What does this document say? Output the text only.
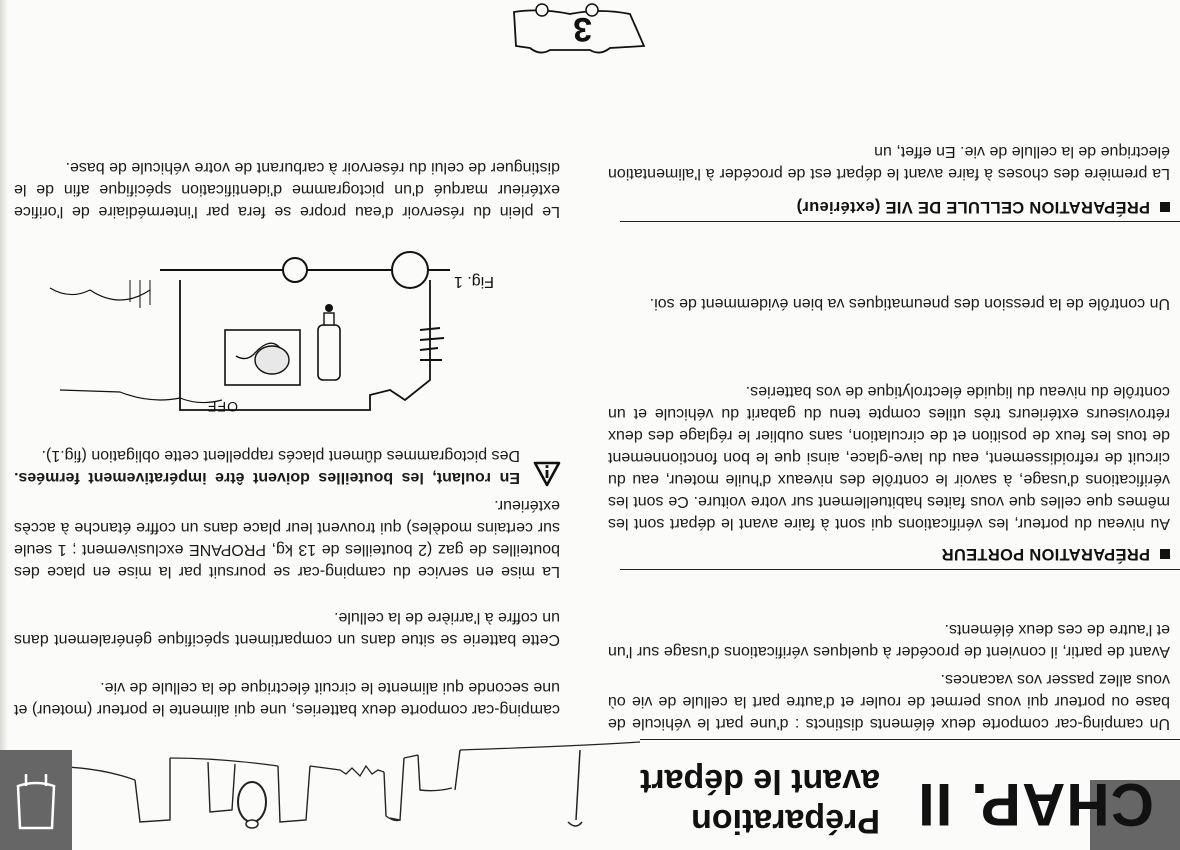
CHAP. II
Préparation
avant le départ

Un camping-car comporte deux éléments distincts : d'une part le véhicule de base ou porteur qui vous permet de rouler et d'autre part la cellule de vie où vous allez passer vos vacances.

Avant de partir, il convient de procéder à quelques vérifications d'usage sur l'un et l'autre de ces deux éléments.

PRÉPARATION PORTEUR

Au niveau du porteur, les vérifications qui sont à faire avant le départ sont les mêmes que celles que vous faites habituellement sur votre voiture. Ce sont les vérifications d'usage, à savoir le contrôle des niveaux d'huile moteur, eau du circuit de refroidissement, eau du lave-glace, ainsi que le bon fonctionnement de tous les feux de position et de circulation, sans oublier le réglage des deux rétroviseurs extérieurs très utiles compte tenu du gabarit du véhicule et un contrôle du niveau du liquide électrolytique de vos batteries.

Un contrôle de la pression des pneumatiques va bien évidemment de soi.

PRÉPARATION CELLULE DE VIE (extérieur)

La première des choses à faire avant le départ est de procéder à l'alimentation électrique de la cellule de vie. En effet, un

camping-car comporte deux batteries, une qui alimente le porteur (moteur) et une seconde qui alimente le circuit électrique de la cellule de vie.

Cette batterie se situe dans un compartiment spécifique généralement dans un coffre à l'arrière de la cellule.

La mise en service du camping-car se poursuit par la mise en place des bouteilles de gaz (2 bouteilles de 13 kg, PROPANE exclusivement ; 1 seule sur certains modèles) qui trouvent leur place dans un coffre étanche à accès extérieur.

En roulant, les bouteilles doivent être impérativement fermées. Des pictogrammes dûment placés rappellent cette obligation (fig.1).

OFF
Fig. 1

Le plein du réservoir d'eau propre se fera par l'intermédiaire de l'orifice extérieur marqué d'un pictogramme d'identification spécifique afin de le distinguer de celui du réservoir à carburant de votre véhicule de base.

3
